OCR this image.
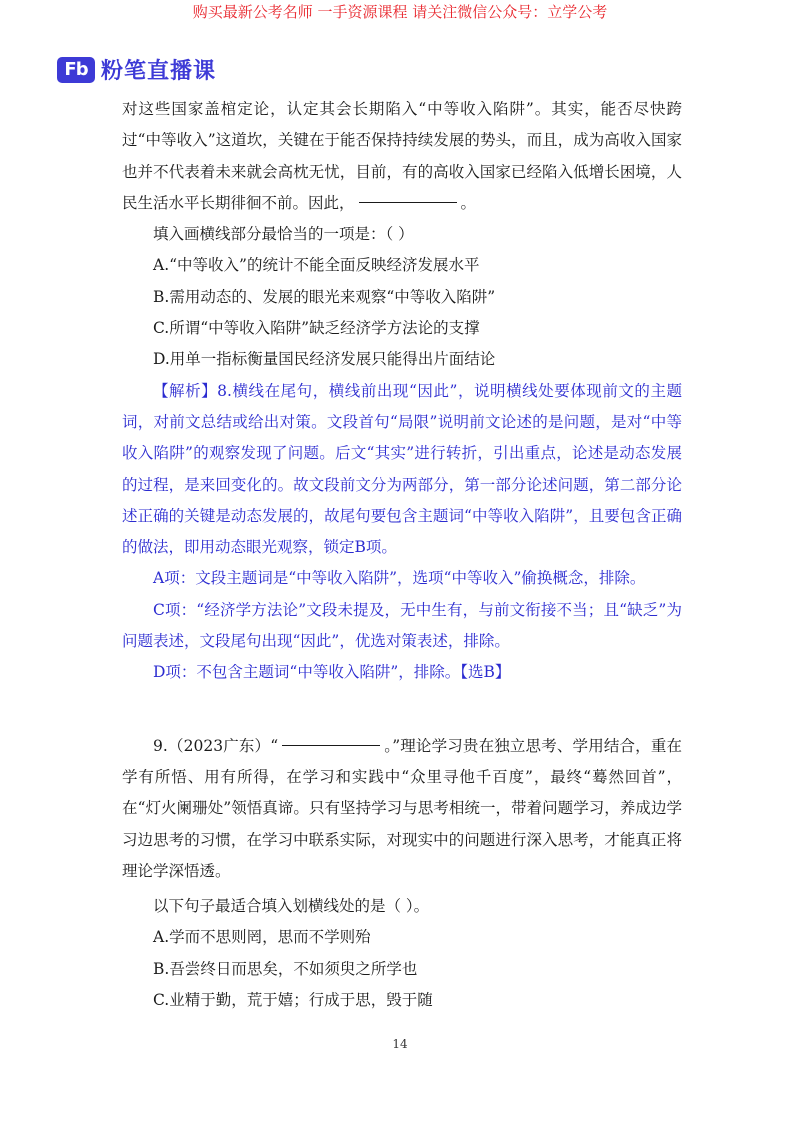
购买最新公考名师 一手资源课程 请关注微信公众号：立学公考
Fb 粉笔直播课

对这些国家盖棺定论，认定其会长期陷入“中等收入陷阱”。其实，能否尽快跨过“中等收入”这道坎，关键在于能否保持持续发展的势头，而且，成为高收入国家也并不代表着未来就会高枕无忧，目前，有的高收入国家已经陷入低增长困境，人民生活水平长期徘徊不前。因此，	。

填入画横线部分最恰当的一项是：（ ）

A.“中等收入”的统计不能全面反映经济发展水平

B.需用动态的、发展的眼光来观察“中等收入陷阱”

C.所谓“中等收入陷阱”缺乏经济学方法论的支撑

D.用单一指标衡量国民经济发展只能得出片面结论

【解析】8.横线在尾句，横线前出现“因此”，说明横线处要体现前文的主题词，对前文总结或给出对策。文段首句“局限”说明前文论述的是问题，是对“中等收入陷阱”的观察发现了问题。后文“其实”进行转折，引出重点，论述是动态发展的过程，是来回变化的。故文段前文分为两部分，第一部分论述问题，第二部分论述正确的关键是动态发展的，故尾句要包含主题词“中等收入陷阱”，且要包含正确的做法，即用动态眼光观察，锁定B项。

A项：文段主题词是“中等收入陷阱”，选项“中等收入”偷换概念，排除。

C项：“经济学方法论”文段未提及，无中生有，与前文衔接不当；且“缺乏”为问题表述，文段尾句出现“因此”，优选对策表述，排除。

D项：不包含主题词“中等收入陷阱”，排除。【选B】

9.（2023广东）“	。”理论学习贵在独立思考、学用结合，重在学有所悟、用有所得，在学习和实践中“众里寻他千百度”，最终“蓦然回首”，在“灯火阑珊处”领悟真谛。只有坚持学习与思考相统一，带着问题学习，养成边学习边思考的习惯，在学习中联系实际，对现实中的问题进行深入思考，才能真正将理论学深悟透。

以下句子最适合填入划横线处的是（ ）。

A.学而不思则罔，思而不学则殆

B.吾尝终日而思矣，不如须臾之所学也

C.业精于勤，荒于嬉；行成于思，毁于随

14
